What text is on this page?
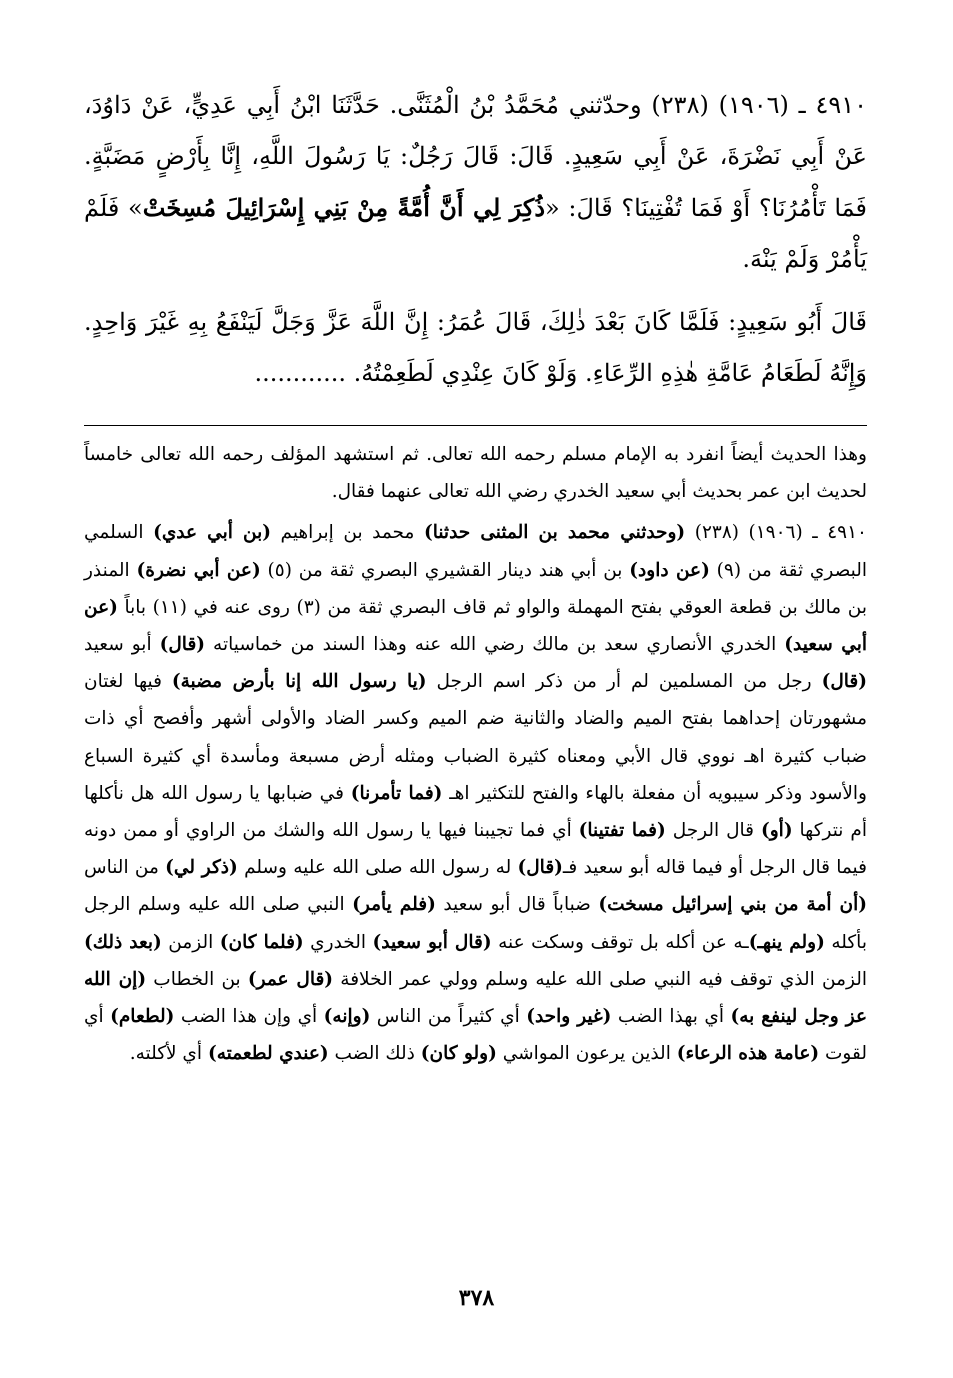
٤٩١٠ ـ (١٩٠٦) (٢٣٨) وحدّثني مُحَمَّدُ بْنُ الْمُثَنَّى. حَدَّثَنَا ابْنُ أَبِي عَدِيٍّ، عَنْ دَاوُدَ، عَنْ أَبِي نَضْرَةَ، عَنْ أَبِي سَعِيدٍ. قَالَ: قَالَ رَجُلٌ: يَا رَسُولَ اللَّهِ، إِنَّا بِأَرْضٍ مَضَبَّةٍ. فَمَا تَأْمُرُنَا؟ أَوْ فَمَا تُفْتِينَا؟ قَالَ: «ذُكِرَ لِي أَنَّ أُمَّةً مِنْ بَنِي إِسْرَائِيلَ مُسِخَتْ» فَلَمْ يَأْمُرْ وَلَمْ يَنْهَ.

قَالَ أَبُو سَعِيدٍ: فَلَمَّا كَانَ بَعْدَ ذٰلِكَ، قَالَ عُمَرُ: إِنَّ اللَّهَ عَزَّ وَجَلَّ لَيَنْفَعُ بِهِ غَيْرَ وَاحِدٍ. وَإِنَّهُ لَطَعَامُ عَامَّةِ هٰذِهِ الرِّعَاءِ. وَلَوْ كَانَ عِنْدِي لَطَعِمْتُهُ. ............

وهذا الحديث أيضاً انفرد به الإمام مسلم رحمه الله تعالى. ثم استشهد المؤلف رحمه الله تعالى خامساً لحديث ابن عمر بحديث أبي سعيد الخدري رضي الله تعالى عنهما فقال.

٤٩١٠ ـ (١٩٠٦) (٢٣٨) (وحدثني محمد بن المثنى حدثنا) محمد بن إبراهيم (بن أبي عدي) السلمي البصري ثقة من (٩) (عن داود) بن أبي هند دينار القشيري البصري ثقة من (٥) (عن أبي نضرة) المنذر بن مالك بن قطعة العوقي بفتح المهملة والواو ثم قاف البصري ثقة من (٣) روى عنه في (١١) باباً (عن أبي سعيد) الخدري الأنصاري سعد بن مالك رضي الله عنه وهذا السند من خماسياته (قال) أبو سعيد (قال) رجل من المسلمين لم أر من ذكر اسم الرجل (يا رسول الله إنا بأرض مضبة) فيها لغتان مشهورتان إحداهما بفتح الميم والضاد والثانية ضم الميم وكسر الضاد والأولى أشهر وأفصح أي ذات ضباب كثيرة اهـ نووي قال الأبي ومعناه كثيرة الضباب ومثله أرض مسبعة ومأسدة أي كثيرة السباع والأسود وذكر سيبويه أن مفعلة بالهاء والفتح للتكثير اهـ (فما تأمرنا) في ضبابها يا رسول الله هل نأكلها أم نتركها (أو) قال الرجل (فما تفتينا) أي فما تجيبنا فيها يا رسول الله والشك من الراوي أو ممن دونه فيما قال الرجل أو فيما قاله أبو سعيد فـ(قال) له رسول الله صلى الله عليه وسلم (ذكر لي) من الناس (أن أمة من بني إسرائيل مسخت) ضباباً قال أبو سعيد (فلم يأمر) النبي صلى الله عليه وسلم الرجل بأكله (ولم ينهـ)ـه عن أكله بل توقف وسكت عنه (قال أبو سعيد) الخدري (فلما كان) الزمن (بعد ذلك) الزمن الذي توقف فيه النبي صلى الله عليه وسلم وولي عمر الخلافة (قال عمر) بن الخطاب (إن الله عز وجل لينفع به) أي بهذا الضب (غير واحد) أي كثيراً من الناس (وإنه) أي وإن هذا الضب (لطعام) أي لقوت (عامة هذه الرعاء) الذين يرعون المواشي (ولو كان) ذلك الضب (عندي لطعمته) أي لأكلته.

٣٧٨
